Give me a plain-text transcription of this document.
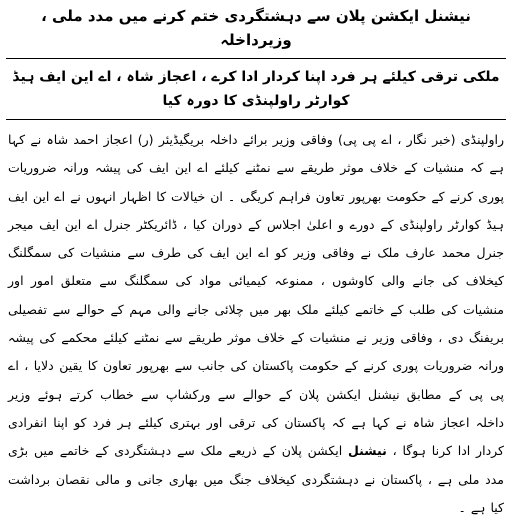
نیشنل ایکشن پلان سے دہشتگردی ختم کرنے میں مدد ملی ، وزیرداخلہ
ملکی ترقی کیلئے ہر فرد اپنا کردار ادا کرے ، اعجاز شاہ ، اے این ایف ہیڈ کوارٹر راولپنڈی کا دورہ کیا

راولپنڈی (خبر نگار ، اے پی پی) وفاقی وزیر برائے داخلہ بریگیڈیئر (ر) اعجاز احمد شاہ نے کہا ہے کہ منشیات کے خلاف موثر طریقے سے نمٹنے کیلئے اے این ایف کی پیشہ ورانہ ضروریات پوری کرنے کے حکومت بھرپور تعاون فراہم کریگی ۔ ان خیالات کا اظہار انہوں نے اے این ایف ہیڈ کوارٹر راولپنڈی کے دورے و اعلیٰ اجلاس کے دوران کیا ، ڈائریکٹر جنرل اے این ایف میجر جنرل محمد عارف ملک نے وفاقی وزیر کو اے این ایف کی طرف سے منشیات کی سمگلنگ کیخلاف کی جانے والی کاوشوں ، ممنوعہ کیمیائی مواد کی سمگلنگ سے متعلق امور اور منشیات کی طلب کے خاتمے کیلئے ملک بھر میں چلائی جانے والی مہم کے حوالے سے تفصیلی بریفنگ دی ، وفاقی وزیر نے منشیات کے خلاف موثر طریقے سے نمٹنے کیلئے محکمے کی پیشہ ورانہ ضروریات پوری کرنے کے حکومت پاکستان کی جانب سے بھرپور تعاون کا یقین دلایا ، اے پی پی کے مطابق نیشنل ایکشن پلان کے حوالے سے ورکشاپ سے خطاب کرتے ہوئے وزیر داخلہ اعجاز شاہ نے کہا ہے کہ پاکستان کی ترقی اور بہتری کیلئے ہر فرد کو اپنا انفرادی کردار ادا کرنا ہوگا ، نیشنل ایکشن پلان کے ذریعے ملک سے دہشتگردی کے خاتمے میں بڑی مدد ملی ہے ، پاکستان نے دہشتگردی کیخلاف جنگ میں بھاری جانی و مالی نقصان برداشت کیا ہے ۔
